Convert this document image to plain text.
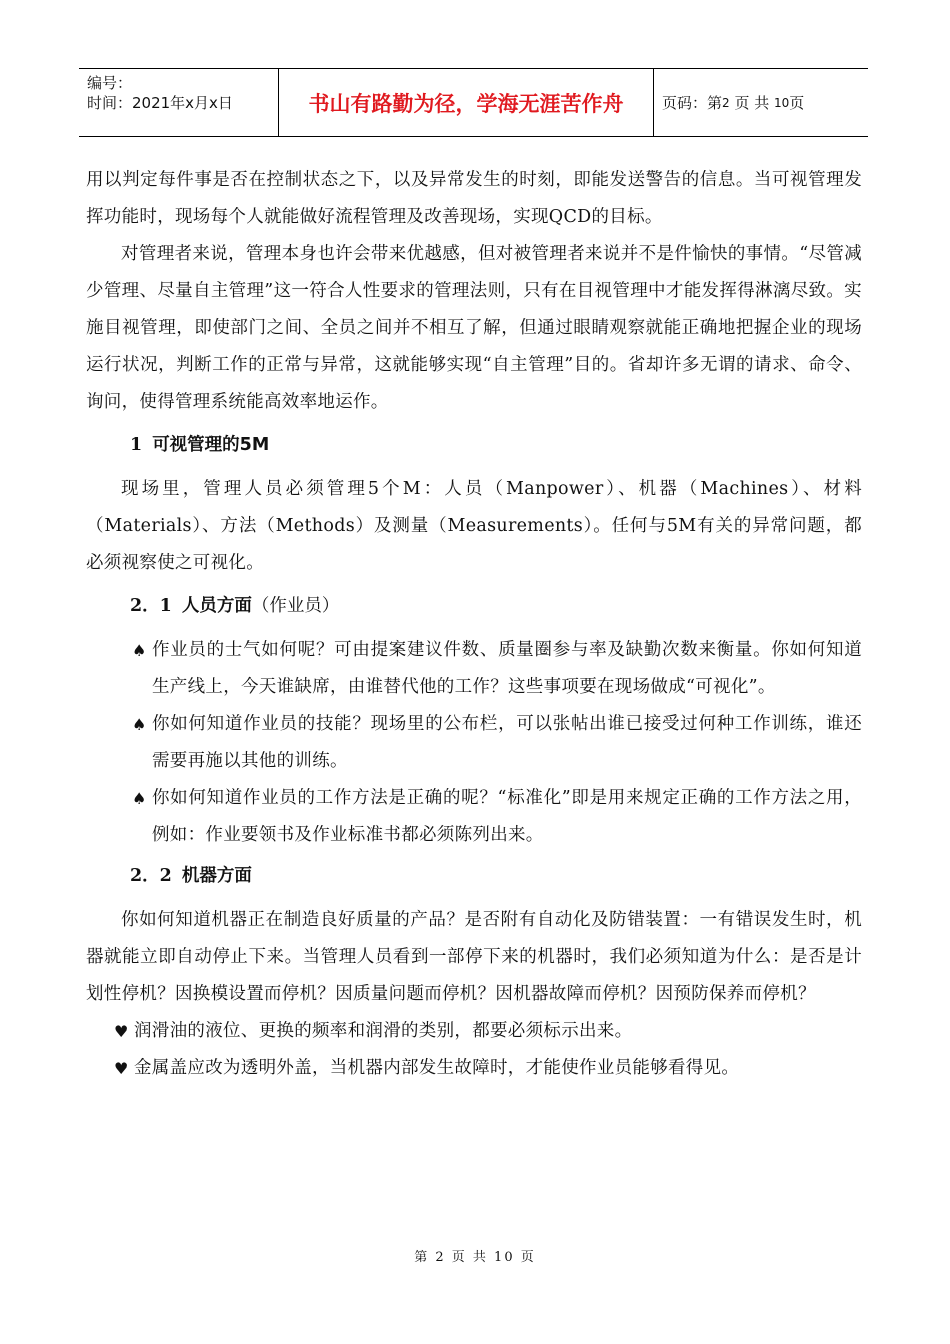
编号：
时间：2021年x月x日	书山有路勤为径，学海无涯苦作舟	页码：第 2
页 共
10 页

用以判定每件事是否在控制状态之下，以及异常发生的时刻，即能发送警告的信息。当可视管理发挥功能时，现场每个人就能做好流程管理及改善现场，实现QCD的目标。

对管理者来说，管理本身也许会带来优越感，但对被管理者来说并不是件愉快的事情。“尽管减少管理、尽量自主管理”这一符合人性要求的管理法则，只有在目视管理中才能发挥得淋漓尽致。实施目视管理，即使部门之间、全员之间并不相互了解，但通过眼睛观察就能正确地把握企业的现场运行状况，判断工作的正常与异常，这就能够实现“自主管理”目的。省却许多无谓的请求、命令、询问，使得管理系统能高效率地运作。

1 可视管理的5M

现场里，管理人员必须管理5个M：人员（Manpower）、机器（Machines）、材料（Materials）、方法（Methods）及测量（Measurements）。任何与5M有关的异常问题，都必须视察使之可视化。

2．1 人员方面（作业员）

♠ 作业员的士气如何呢？可由提案建议件数、质量圈参与率及缺勤次数来衡量。你如何知道生产线上，今天谁缺席，由谁替代他的工作？这些事项要在现场做成“可视化”。
♠ 你如何知道作业员的技能？现场里的公布栏，可以张帖出谁已接受过何种工作训练，谁还需要再施以其他的训练。
♠ 你如何知道作业员的工作方法是正确的呢？“标准化”即是用来规定正确的工作方法之用，例如：作业要领书及作业标准书都必须陈列出来。

2．2 机器方面

你如何知道机器正在制造良好质量的产品？是否附有自动化及防错装置：一有错误发生时，机器就能立即自动停止下来。当管理人员看到一部停下来的机器时，我们必须知道为什么：是否是计划性停机？因换模设置而停机？因质量问题而停机？因机器故障而停机？因预防保养而停机？

♥ 润滑油的液位、更换的频率和润滑的类别，都要必须标示出来。
♥ 金属盖应改为透明外盖，当机器内部发生故障时，才能使作业员能够看得见。
第 2 页 共 10 页
